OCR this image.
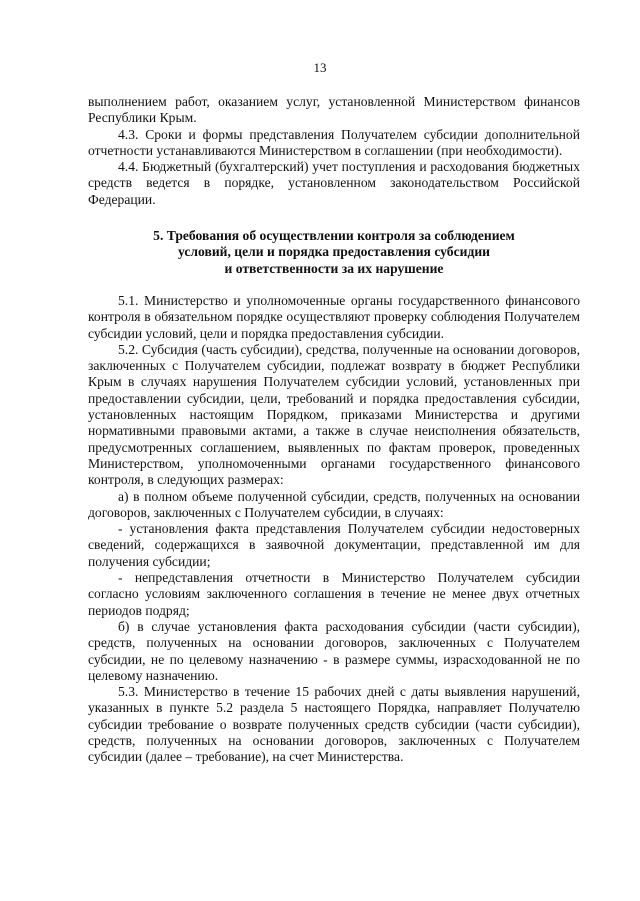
13

выполнением работ, оказанием услуг, установленной Министерством финансов Республики Крым.

4.3. Сроки и формы представления Получателем субсидии дополнительной отчетности устанавливаются Министерством в соглашении (при необходимости).

4.4. Бюджетный (бухгалтерский) учет поступления и расходования бюджетных средств ведется в порядке, установленном законодательством Российской Федерации.

5. Требования об осуществлении контроля за соблюдением
условий, цели и порядка предоставления субсидии
и ответственности за их нарушение

5.1. Министерство и уполномоченные органы государственного финансового контроля в обязательном порядке осуществляют проверку соблюдения Получателем субсидии условий, цели и порядка предоставления субсидии.

5.2. Субсидия (часть субсидии), средства, полученные на основании договоров, заключенных с Получателем субсидии, подлежат возврату в бюджет Республики Крым в случаях нарушения Получателем субсидии условий, установленных при предоставлении субсидии, цели, требований и порядка предоставления субсидии, установленных настоящим Порядком, приказами Министерства и другими нормативными правовыми актами, а также в случае неисполнения обязательств, предусмотренных соглашением, выявленных по фактам проверок, проведенных Министерством, уполномоченными органами государственного финансового контроля, в следующих размерах:

а) в полном объеме полученной субсидии, средств, полученных на основании договоров, заключенных с Получателем субсидии, в случаях:

- установления факта представления Получателем субсидии недостоверных сведений, содержащихся в заявочной документации, представленной им для получения субсидии;

- непредставления отчетности в Министерство Получателем субсидии согласно условиям заключенного соглашения в течение не менее двух отчетных периодов подряд;

б) в случае установления факта расходования субсидии (части субсидии), средств, полученных на основании договоров, заключенных с Получателем субсидии, не по целевому назначению - в размере суммы, израсходованной не по целевому назначению.

5.3. Министерство в течение 15 рабочих дней с даты выявления нарушений, указанных в пункте 5.2 раздела 5 настоящего Порядка, направляет Получателю субсидии требование о возврате полученных средств субсидии (части субсидии), средств, полученных на основании договоров, заключенных с Получателем субсидии (далее – требование), на счет Министерства.
